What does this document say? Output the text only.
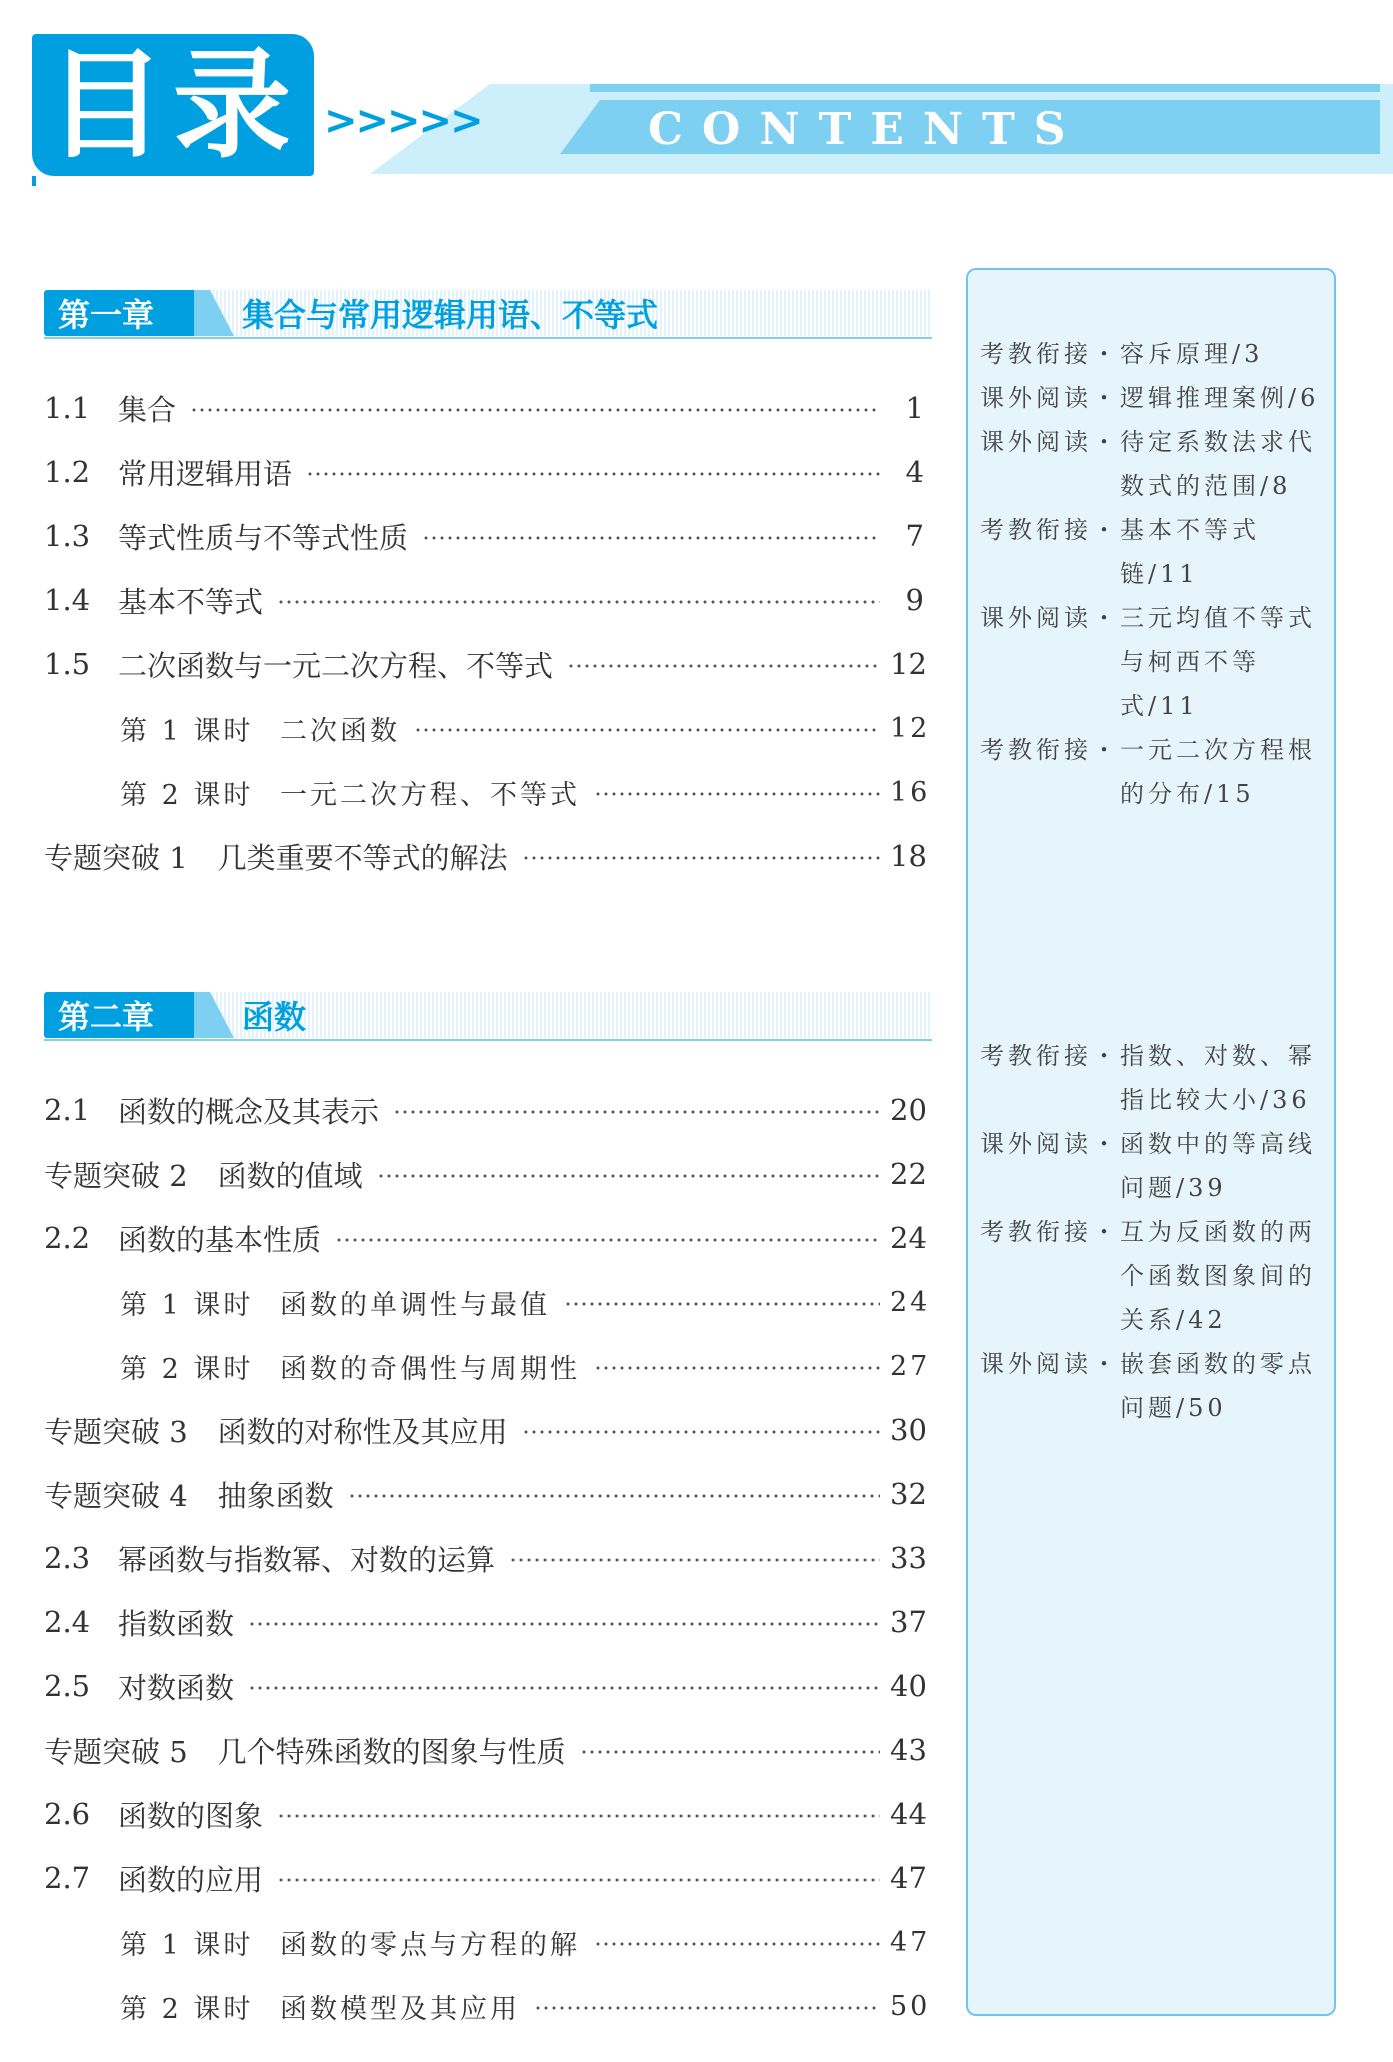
目录 >>>>>	CONTENTS
第一章	集合与常用逻辑用语、不等式
1.1 集合	1
1.2 常用逻辑用语	4
1.3 等式性质与不等式性质	7
1.4 基本不等式	9
1.5 二次函数与一元二次方程、不等式	12
第 1 课时 二次函数	12
第 2 课时 一元二次方程、不等式	16
专题突破 1 几类重要不等式的解法	18
第二章	函数
2.1 函数的概念及其表示	20
专题突破 2 函数的值域	22
2.2 函数的基本性质	24
第 1 课时 函数的单调性与最值	24
第 2 课时 函数的奇偶性与周期性	27
专题突破 3 函数的对称性及其应用	30
专题突破 4 抽象函数	32
2.3 幂函数与指数幂、对数的运算	33
2.4 指数函数	37
2.5 对数函数	40
专题突破 5 几个特殊函数的图象与性质	43
2.6 函数的图象	44
2.7 函数的应用	47
第 1 课时 函数的零点与方程的解	47
第 2 课时 函数模型及其应用	50
考教衔接・ 容斥原理/3
课外阅读・ 逻辑推理案例/6
课外阅读・ 待定系数法求代数式的范围/8
考教衔接・ 基本不等式链/11
课外阅读・ 三元均值不等式与柯西不等式/11
考教衔接・ 一元二次方程根的分布/15
考教衔接・ 指数、对数、幂指比较大小/36
课外阅读・ 函数中的等高线问题/39
考教衔接・ 互为反函数的两个函数图象间的关系/42
课外阅读・ 嵌套函数的零点问题/50
